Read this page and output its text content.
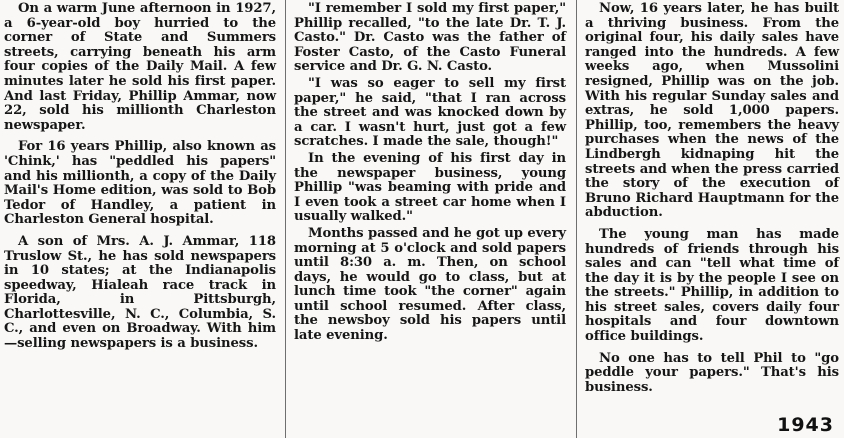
On a warm June afternoon in 1927, a 6-year-old boy hurried to the corner of State and Summers streets, carrying beneath his arm four copies of the Daily Mail. A few minutes later he sold his first paper. And last Friday, Phillip Ammar, now 22, sold his millionth Charleston newspaper.

For 16 years Phillip, also known as 'Chink,' has "peddled his papers" and his millionth, a copy of the Daily Mail's Home edition, was sold to Bob Tedor of Handley, a patient in Charleston General hospital.

A son of Mrs. A. J. Ammar, 118 Truslow St., he has sold newspapers in 10 states; at the Indianapolis speedway, Hialeah race track in Florida, in Pittsburgh, Charlottesville, N. C., Columbia, S. C., and even on Broadway. With him—selling newspapers is a business.

"I remember I sold my first paper," Phillip recalled, "to the late Dr. T. J. Casto." Dr. Casto was the father of Foster Casto, of the Casto Funeral service and Dr. G. N. Casto.

"I was so eager to sell my first paper," he said, "that I ran across the street and was knocked down by a car. I wasn't hurt, just got a few scratches. I made the sale, though!"

In the evening of his first day in the newspaper business, young Phillip "was beaming with pride and I even took a street car home when I usually walked."

Months passed and he got up every morning at 5 o'clock and sold papers until 8:30 a. m. Then, on school days, he would go to class, but at lunch time took "the corner" again until school resumed. After class, the newsboy sold his papers until late evening.

Now, 16 years later, he has built a thriving business. From the original four, his daily sales have ranged into the hundreds. A few weeks ago, when Mussolini resigned, Phillip was on the job. With his regular Sunday sales and extras, he sold 1,000 papers. Phillip, too, remembers the heavy purchases when the news of the Lindbergh kidnaping hit the streets and when the press carried the story of the execution of Bruno Richard Hauptmann for the abduction.

The young man has made hundreds of friends through his sales and can "tell what time of the day it is by the people I see on the streets." Phillip, in addition to his street sales, covers daily four hospitals and four downtown office buildings.

No one has to tell Phil to "go peddle your papers." That's his business.

1943
